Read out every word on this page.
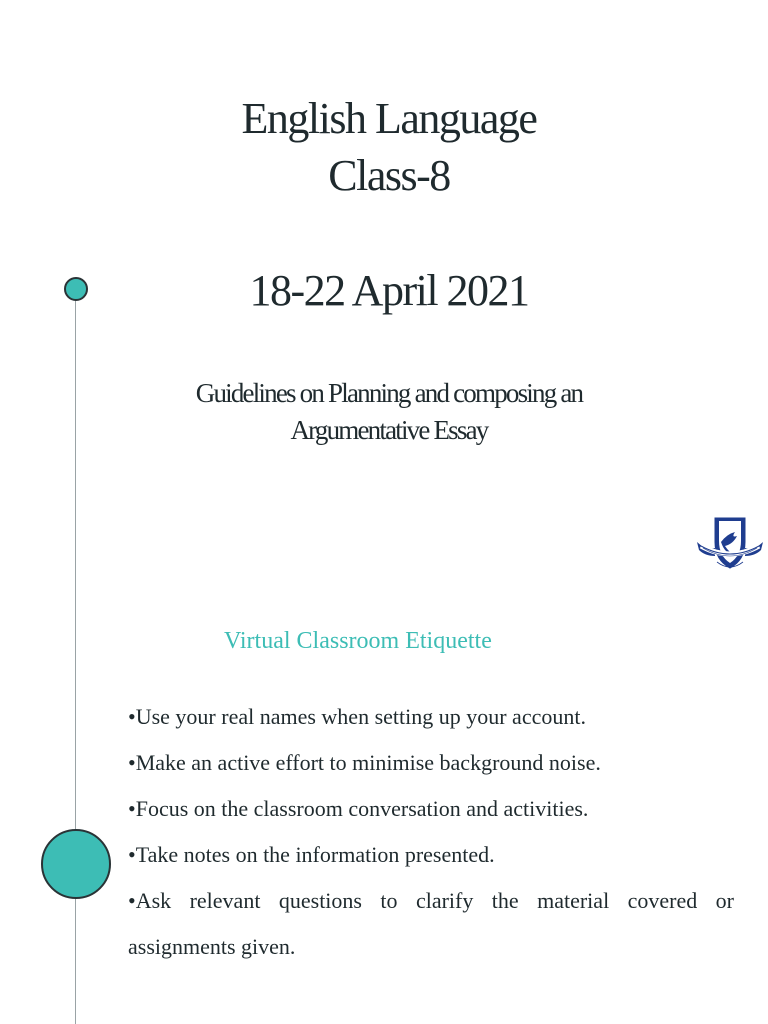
English Language
Class-8
18-22 April 2021
Guidelines on Planning and composing an
Argumentative Essay
Virtual Classroom Etiquette
•Use your real names when setting up your account.
•Make an active effort to minimise background noise.
•Focus on the classroom conversation and activities.
•Take notes on the information presented.
•Ask relevant questions to clarify the material covered or assignments given.
